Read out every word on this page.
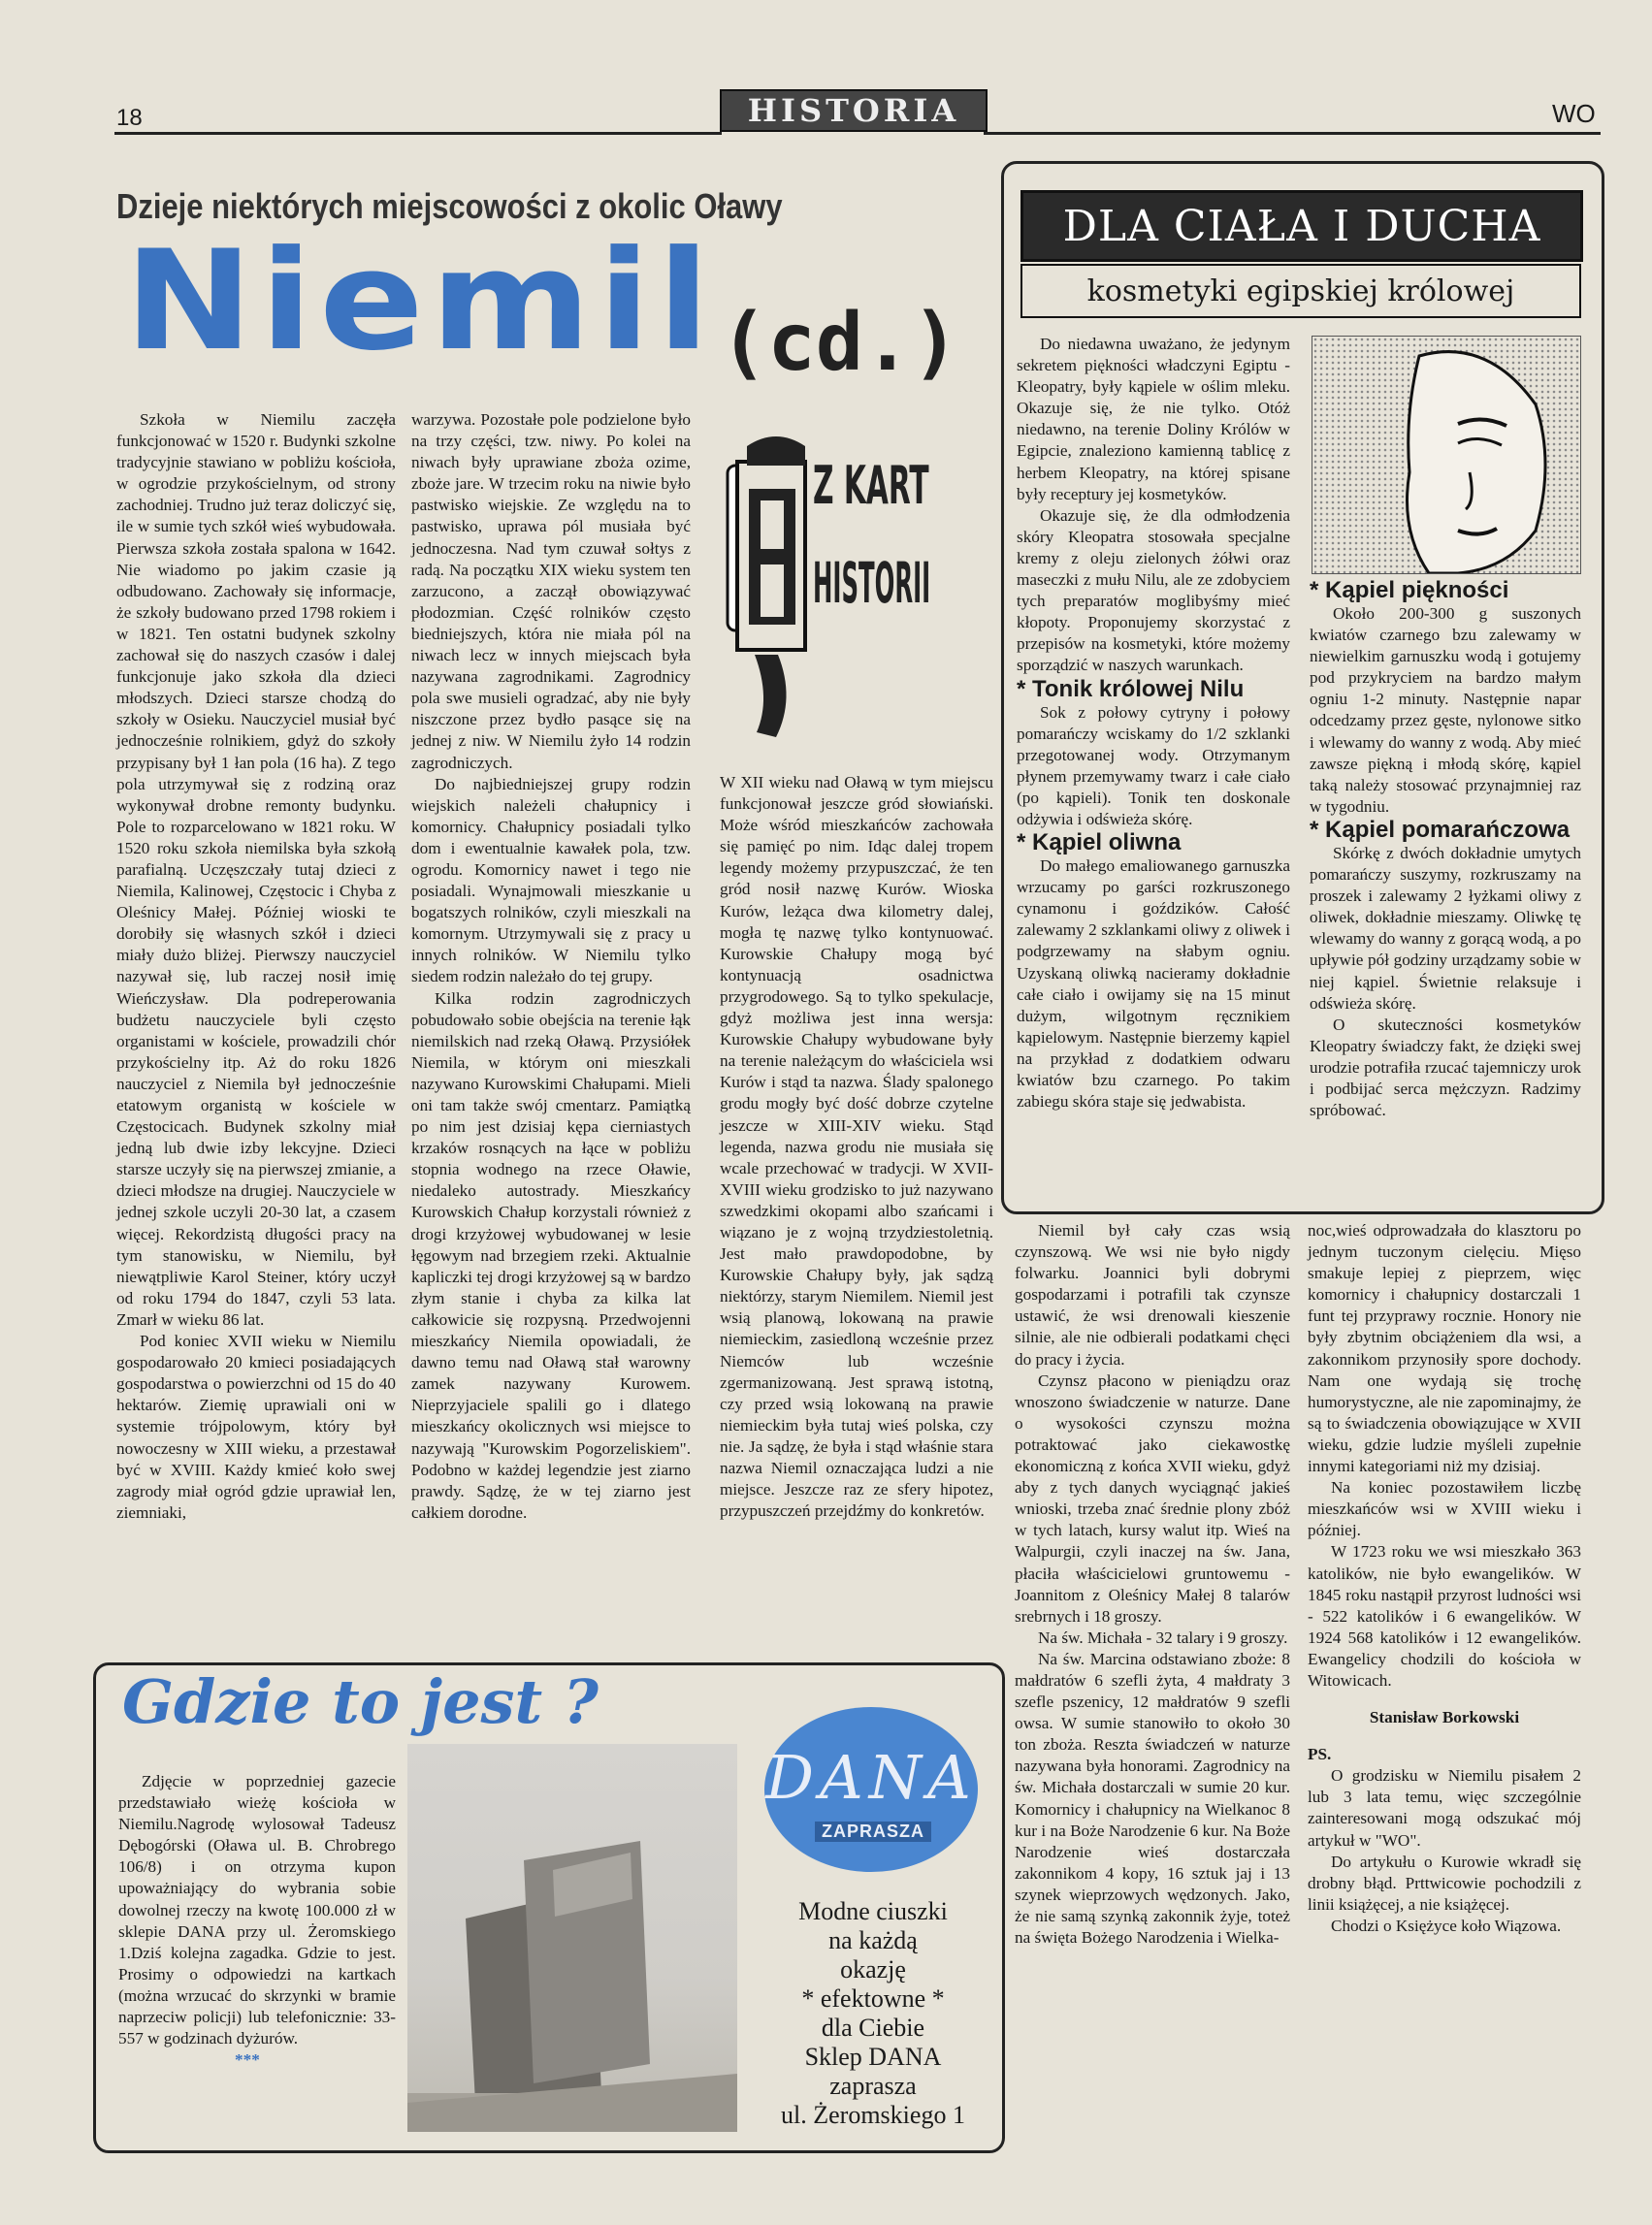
18	HISTORIA	WO
Dzieje niektórych miejscowości z okolic Oławy
Niemil (cd.)

Szkoła w Niemilu zaczęła funkcjonować w 1520 r. Budynki szkolne tradycyjnie stawiano w pobliżu kościoła, w ogrodzie przykościelnym, od strony zachodniej. Trudno już teraz doliczyć się, ile w sumie tych szkół wieś wybudowała. Pierwsza szkoła została spalona w 1642. Nie wiadomo po jakim czasie ją odbudowano. Zachowały się informacje, że szkoły budowano przed 1798 rokiem i w 1821. Ten ostatni budynek szkolny zachował się do naszych czasów i dalej funkcjonuje jako szkoła dla dzieci młodszych. Dzieci starsze chodzą do szkoły w Osieku. Nauczyciel musiał być jednocześnie rolnikiem, gdyż do szkoły przypisany był 1 łan pola (16 ha). Z tego pola utrzymywał się z rodziną oraz wykonywał drobne remonty budynku. Pole to rozparcelowano w 1821 roku. W 1520 roku szkoła niemilska była szkołą parafialną. Uczęszczały tutaj dzieci z Niemila, Kalinowej, Częstocic i Chyba z Oleśnicy Małej. Później wioski te dorobiły się własnych szkół i dzieci miały dużo bliżej. Pierwszy nauczyciel nazywał się, lub raczej nosił imię Wieńczysław. Dla podreperowania budżetu nauczyciele byli często organistami w kościele, prowadzili chór przykościelny itp. Aż do roku 1826 nauczyciel z Niemila był jednocześnie etatowym organistą w kościele w Częstocicach. Budynek szkolny miał jedną lub dwie izby lekcyjne. Dzieci starsze uczyły się na pierwszej zmianie, a dzieci młodsze na drugiej. Nauczyciele w jednej szkole uczyli 20-30 lat, a czasem więcej. Rekordzistą długości pracy na tym stanowisku, w Niemilu, był niewątpliwie Karol Steiner, który uczył od roku 1794 do 1847, czyli 53 lata. Zmarł w wieku 86 lat.

Pod koniec XVII wieku w Niemilu gospodarowało 20 kmieci posiadających gospodarstwa o powierzchni od 15 do 40 hektarów. Ziemię uprawiali oni w systemie trójpolowym, który był nowoczesny w XIII wieku, a przestawał być w XVIII. Każdy kmieć koło swej zagrody miał ogród gdzie uprawiał len, ziemniaki,

warzywa. Pozostałe pole podzielone było na trzy części, tzw. niwy. Po kolei na niwach były uprawiane zboża ozime, zboże jare. W trzecim roku na niwie było pastwisko wiejskie. Ze względu na to pastwisko, uprawa pól musiała być jednoczesna. Nad tym czuwał sołtys z radą. Na początku XIX wieku system ten zarzucono, a zaczął obowiązywać płodozmian. Część rolników często biedniejszych, która nie miała pól na niwach lecz w innych miejscach była nazywana zagrodnikami. Zagrodnicy pola swe musieli ogradzać, aby nie były niszczone przez bydło pasące się na jednej z niw. W Niemilu żyło 14 rodzin zagrodniczych.

Do najbiedniejszej grupy rodzin wiejskich należeli chałupnicy i komornicy. Chałupnicy posiadali tylko dom i ewentualnie kawałek pola, tzw. ogrodu. Komornicy nawet i tego nie posiadali. Wynajmowali mieszkanie u bogatszych rolników, czyli mieszkali na komornym. Utrzymywali się z pracy u innych rolników. W Niemilu tylko siedem rodzin należało do tej grupy.

Kilka rodzin zagrodniczych pobudowało sobie obejścia na terenie łąk niemilskich nad rzeką Oławą. Przysiółek Niemila, w którym oni mieszkali nazywano Kurowskimi Chałupami. Mieli oni tam także swój cmentarz. Pamiątką po nim jest dzisiaj kępa cierniastych krzaków rosnących na łące w pobliżu stopnia wodnego na rzece Oławie, niedaleko autostrady. Mieszkańcy Kurowskich Chałup korzystali również z drogi krzyżowej wybudowanej w lesie łęgowym nad brzegiem rzeki. Aktualnie kapliczki tej drogi krzyżowej są w bardzo złym stanie i chyba za kilka lat całkowicie się rozpysną. Przedwojenni mieszkańcy Niemila opowiadali, że dawno temu nad Oławą stał warowny zamek nazywany Kurowem. Nieprzyjaciele spalili go i dlatego mieszkańcy okolicznych wsi miejsce to nazywają "Kurowskim Pogorzeliskiem". Podobno w każdej legendzie jest ziarno prawdy. Sądzę, że w tej ziarno jest całkiem dorodne.

Z KART
HISTORII

W XII wieku nad Oławą w tym miejscu funkcjonował jeszcze gród słowiański. Może wśród mieszkańców zachowała się pamięć po nim. Idąc dalej tropem legendy możemy przypuszczać, że ten gród nosił nazwę Kurów. Wioska Kurów, leżąca dwa kilometry dalej, mogła tę nazwę tylko kontynuować. Kurowskie Chałupy mogą być kontynuacją osadnictwa przygrodowego. Są to tylko spekulacje, gdyż możliwa jest inna wersja: Kurowskie Chałupy wybudowane były na terenie należącym do właściciela wsi Kurów i stąd ta nazwa. Ślady spalonego grodu mogły być dość dobrze czytelne jeszcze w XIII-XIV wieku. Stąd legenda, nazwa grodu nie musiała się wcale przechować w tradycji. W XVII-XVIII wieku grodzisko to już nazywano szwedzkimi okopami albo szańcami i wiązano je z wojną trzydziestoletnią. Jest mało prawdopodobne, by Kurowskie Chałupy były, jak sądzą niektórzy, starym Niemilem. Niemil jest wsią planową, lokowaną na prawie niemieckim, zasiedloną wcześnie przez Niemców lub wcześnie zgermanizowaną. Jest sprawą istotną, czy przed wsią lokowaną na prawie niemieckim była tutaj wieś polska, czy nie. Ja sądzę, że była i stąd właśnie stara nazwa Niemil oznaczająca ludzi a nie miejsce. Jeszcze raz ze sfery hipotez, przypuszczeń przejdźmy do konkretów.

DLA CIAŁA I DUCHA
kosmetyki egipskiej królowej

Do niedawna uważano, że jedynym sekretem piękności władczyni Egiptu - Kleopatry, były kąpiele w oślim mleku. Okazuje się, że nie tylko. Otóż niedawno, na terenie Doliny Królów w Egipcie, znaleziono kamienną tablicę z herbem Kleopatry, na której spisane były receptury jej kosmetyków.

Okazuje się, że dla odmłodzenia skóry Kleopatra stosowała specjalne kremy z oleju zielonych żółwi oraz maseczki z mułu Nilu, ale ze zdobyciem tych preparatów moglibyśmy mieć kłopoty. Proponujemy skorzystać z przepisów na kosmetyki, które możemy sporządzić w naszych warunkach.

* Tonik królowej Nilu

Sok z połowy cytryny i połowy pomarańczy wciskamy do 1/2 szklanki przegotowanej wody. Otrzymanym płynem przemywamy twarz i całe ciało (po kąpieli). Tonik ten doskonale odżywia i odświeża skórę.

* Kąpiel oliwna

Do małego emaliowanego garnuszka wrzucamy po garści rozkruszonego cynamonu i goździków. Całość zalewamy 2 szklankami oliwy z oliwek i podgrzewamy na słabym ogniu. Uzyskaną oliwką nacieramy dokładnie całe ciało i owijamy się na 15 minut dużym, wilgotnym ręcznikiem kąpielowym. Następnie bierzemy kąpiel na przykład z dodatkiem odwaru kwiatów bzu czarnego. Po takim zabiegu skóra staje się jedwabista.

* Kąpiel piękności

Około 200-300 g suszonych kwiatów czarnego bzu zalewamy w niewielkim garnuszku wodą i gotujemy pod przykryciem na bardzo małym ogniu 1-2 minuty. Następnie napar odcedzamy przez gęste, nylonowe sitko i wlewamy do wanny z wodą. Aby mieć zawsze piękną i młodą skórę, kąpiel taką należy stosować przynajmniej raz w tygodniu.

* Kąpiel pomarańczowa

Skórkę z dwóch dokładnie umytych pomarańczy suszymy, rozkruszamy na proszek i zalewamy 2 łyżkami oliwy z oliwek, dokładnie mieszamy. Oliwkę tę wlewamy do wanny z gorącą wodą, a po upływie pół godziny urządzamy sobie w niej kąpiel. Świetnie relaksuje i odświeża skórę.

O skuteczności kosmetyków Kleopatry świadczy fakt, że dzięki swej urodzie potrafiła rzucać tajemniczy urok i podbijać serca mężczyzn. Radzimy spróbować.

Niemil był cały czas wsią czynszową. We wsi nie było nigdy folwarku. Joannici byli dobrymi gospodarzami i potrafili tak czynsze ustawić, że wsi drenowali kieszenie silnie, ale nie odbierali podatkami chęci do pracy i życia.

Czynsz płacono w pieniądzu oraz wnoszono świadczenie w naturze. Dane o wysokości czynszu można potraktować jako ciekawostkę ekonomiczną z końca XVII wieku, gdyż aby z tych danych wyciągnąć jakieś wnioski, trzeba znać średnie plony zbóż w tych latach, kursy walut itp. Wieś na Walpurgii, czyli inaczej na św. Jana, płaciła właścicielowi gruntowemu - Joannitom z Oleśnicy Małej 8 talarów srebrnych i 18 groszy.

Na św. Michała - 32 talary i 9 groszy.

Na św. Marcina odstawiano zboże: 8 małdratów 6 szefli żyta, 4 małdraty 3 szefle pszenicy, 12 małdratów 9 szefli owsa. W sumie stanowiło to około 30 ton zboża. Reszta świadczeń w naturze nazywana była honorami. Zagrodnicy na św. Michała dostarczali w sumie 20 kur. Komornicy i chałupnicy na Wielkanoc 8 kur i na Boże Narodzenie 6 kur. Na Boże Narodzenie wieś dostarczała zakonnikom 4 kopy, 16 sztuk jaj i 13 szynek wieprzowych wędzonych. Jako, że nie samą szynką zakonnik żyje, toteż na święta Bożego Narodzenia i Wielka-

noc,wieś odprowadzała do klasztoru po jednym tuczonym cielęciu. Mięso smakuje lepiej z pieprzem, więc komornicy i chałupnicy dostarczali 1 funt tej przyprawy rocznie. Honory nie były zbytnim obciążeniem dla wsi, a zakonnikom przynosiły spore dochody. Nam one wydają się trochę humorystyczne, ale nie zapominajmy, że są to świadczenia obowiązujące w XVII wieku, gdzie ludzie myśleli zupełnie innymi kategoriami niż my dzisiaj.

Na koniec pozostawiłem liczbę mieszkańców wsi w XVIII wieku i później.

W 1723 roku we wsi mieszkało 363 katolików, nie było ewangelików. W 1845 roku nastąpił przyrost ludności wsi - 522 katolików i 6 ewangelików. W 1924 568 katolików i 12 ewangelików. Ewangelicy chodzili do kościoła w Witowicach.

Stanisław Borkowski

PS.

O grodzisku w Niemilu pisałem 2 lub 3 lata temu, więc szczególnie zainteresowani mogą odszukać mój artykuł w "WO".

Do artykułu o Kurowie wkradł się drobny błąd. Prttwicowie pochodzili z linii książęcej, a nie książęcej.

Chodzi o Księżyce koło Wiązowa.

Gdzie to jest ?

Zdjęcie w poprzedniej gazecie przedstawiało wieżę kościoła w Niemilu.Nagrodę wylosował Tadeusz Dębogórski (Oława ul. B. Chrobrego 106/8) i on otrzyma kupon upoważniający do wybrania sobie dowolnej rzeczy na kwotę 100.000 zł w sklepie DANA przy ul. Żeromskiego 1.Dziś kolejna zagadka. Gdzie to jest. Prosimy o odpowiedzi na kartkach (można wrzucać do skrzynki w bramie naprzeciw policji) lub telefonicznie: 33-557 w godzinach dyżurów.

***

DANA
ZAPRASZA
Modne ciuszki
na każdą
okazję
* efektowne *
dla Ciebie
Sklep DANA
zaprasza
ul. Żeromskiego 1
